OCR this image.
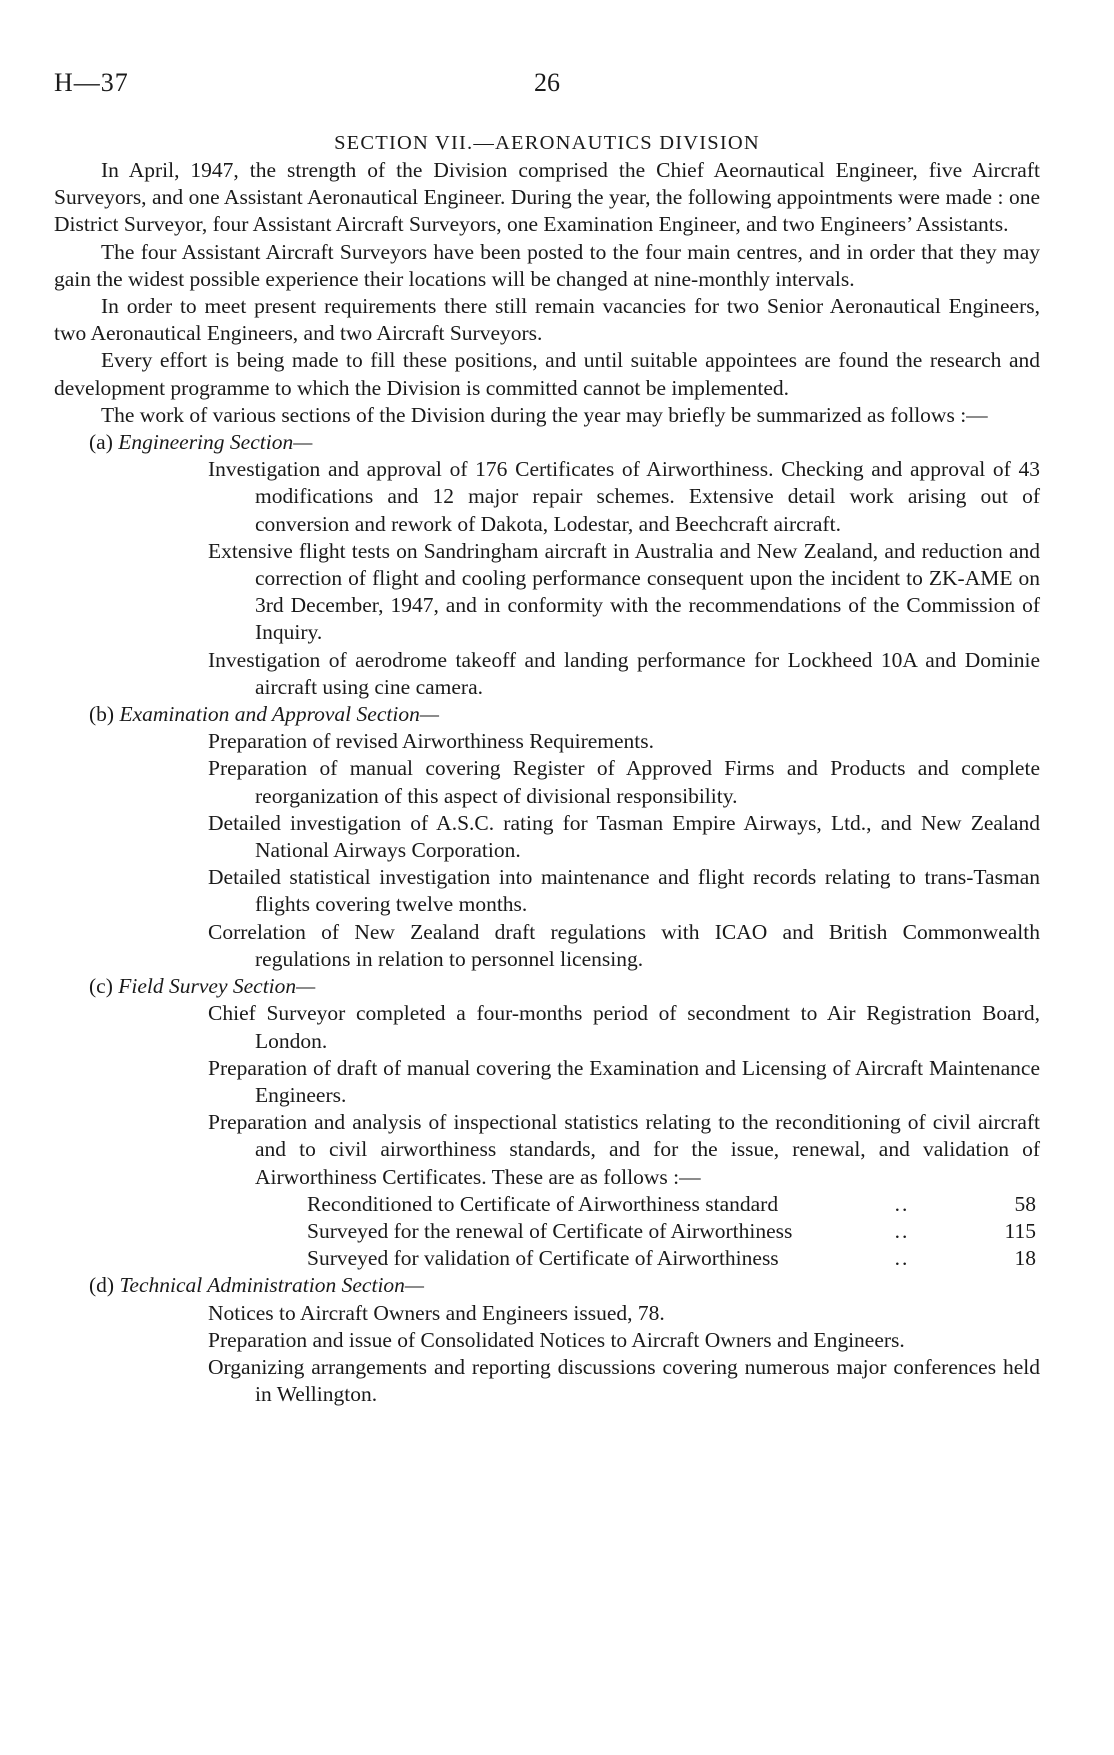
H—37	26
SECTION VII.—AERONAUTICS DIVISION

In April, 1947, the strength of the Division comprised the Chief Aeornautical Engineer, five Aircraft Surveyors, and one Assistant Aeronautical Engineer. During the year, the following appointments were made : one District Surveyor, four Assistant Aircraft Surveyors, one Examination Engineer, and two Engineers’ Assistants.

The four Assistant Aircraft Surveyors have been posted to the four main centres, and in order that they may gain the widest possible experience their locations will be changed at nine-monthly intervals.

In order to meet present requirements there still remain vacancies for two Senior Aeronautical Engineers, two Aeronautical Engineers, and two Aircraft Surveyors.

Every effort is being made to fill these positions, and until suitable appointees are found the research and development programme to which the Division is committed cannot be implemented.

The work of various sections of the Division during the year may briefly be summarized as follows :—

(a) Engineering Section—
Investigation and approval of 176 Certificates of Airworthiness. Checking and approval of 43 modifications and 12 major repair schemes. Extensive detail work arising out of conversion and rework of Dakota, Lodestar, and Beechcraft aircraft.
Extensive flight tests on Sandringham aircraft in Australia and New Zealand, and reduction and correction of flight and cooling performance consequent upon the incident to ZK-AME on 3rd December, 1947, and in conformity with the recommendations of the Commission of Inquiry.
Investigation of aerodrome takeoff and landing performance for Lockheed 10A and Dominie aircraft using cine camera.
(b) Examination and Approval Section—
Preparation of revised Airworthiness Requirements.
Preparation of manual covering Register of Approved Firms and Products and complete reorganization of this aspect of divisional responsibility.
Detailed investigation of A.S.C. rating for Tasman Empire Airways, Ltd., and New Zealand National Airways Corporation.
Detailed statistical investigation into maintenance and flight records relating to trans-Tasman flights covering twelve months.
Correlation of New Zealand draft regulations with ICAO and British Commonwealth regulations in relation to personnel licensing.
(c) Field Survey Section—
Chief Surveyor completed a four-months period of secondment to Air Registration Board, London.
Preparation of draft of manual covering the Examination and Licensing of Aircraft Maintenance Engineers.
Preparation and analysis of inspectional statistics relating to the reconditioning of civil aircraft and to civil airworthiness standards, and for the issue, renewal, and validation of Airworthiness Certificates. These are as follows :—
Reconditioned to Certificate of Airworthiness standard	..	58
Surveyed for the renewal of Certificate of Airworthiness	..	115
Surveyed for validation of Certificate of Airworthiness	..	18
(d) Technical Administration Section—
Notices to Aircraft Owners and Engineers issued, 78.
Preparation and issue of Consolidated Notices to Aircraft Owners and Engineers.
Organizing arrangements and reporting discussions covering numerous major conferences held in Wellington.
